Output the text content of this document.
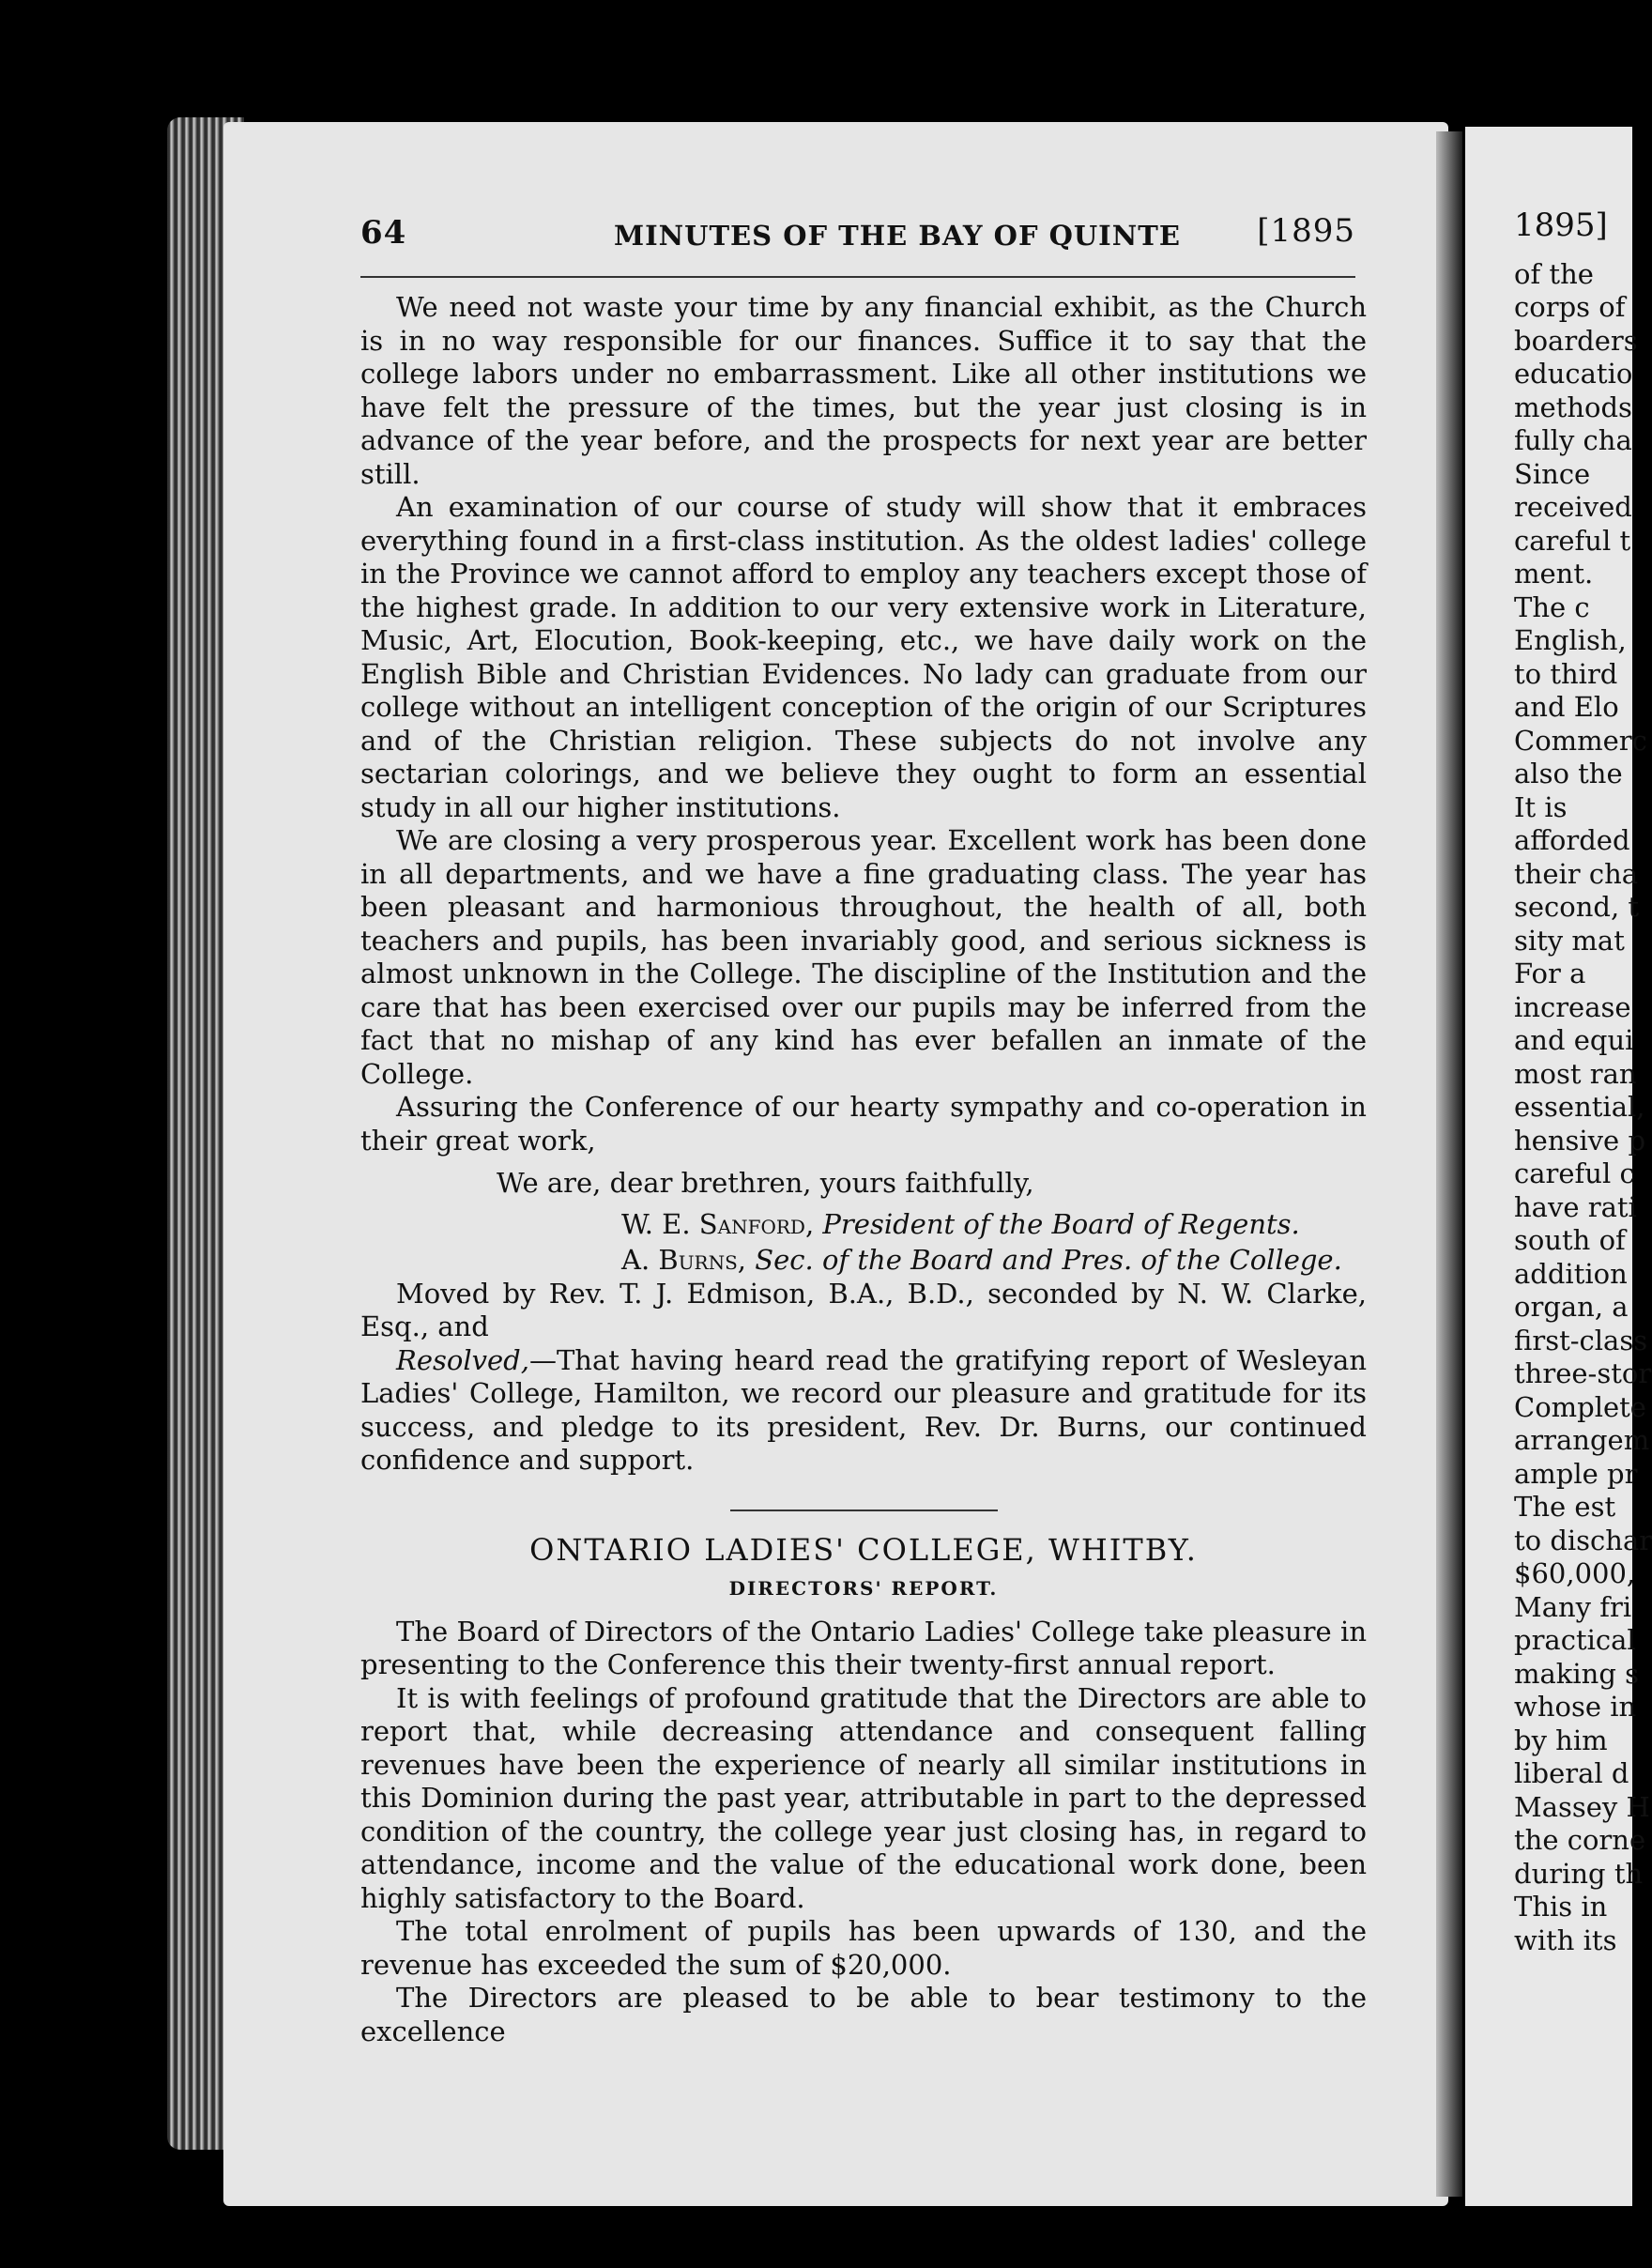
64	MINUTES OF THE BAY OF QUINTE [1895

We need not waste your time by any financial exhibit, as the Church is in no way responsible for our finances. Suffice it to say that the college labors under no embarrassment. Like all other institutions we have felt the pressure of the times, but the year just closing is in advance of the year before, and the prospects for next year are better still.

An examination of our course of study will show that it embraces everything found in a first-class institution. As the oldest ladies' college in the Province we cannot afford to employ any teachers except those of the highest grade. In addition to our very extensive work in Literature, Music, Art, Elocution, Book-keeping, etc., we have daily work on the English Bible and Christian Evidences. No lady can graduate from our college without an intelligent conception of the origin of our Scriptures and of the Christian religion. These subjects do not involve any sectarian colorings, and we believe they ought to form an essential study in all our higher institutions.

We are closing a very prosperous year. Excellent work has been done in all departments, and we have a fine graduating class. The year has been pleasant and harmonious throughout, the health of all, both teachers and pupils, has been invariably good, and serious sickness is almost unknown in the College. The discipline of the Institution and the care that has been exercised over our pupils may be inferred from the fact that no mishap of any kind has ever befallen an inmate of the College.

Assuring the Conference of our hearty sympathy and co-operation in their great work,

We are, dear brethren, yours faithfully,
W. E. Sanford, President of the Board of Regents.
A. Burns, Sec. of the Board and Pres. of the College.

Moved by Rev. T. J. Edmison, B.A., B.D., seconded by N. W. Clarke, Esq., and

Resolved,—That having heard read the gratifying report of Wesleyan Ladies' College, Hamilton, we record our pleasure and gratitude for its success, and pledge to its president, Rev. Dr. Burns, our continued confidence and support.

ONTARIO LADIES' COLLEGE, WHITBY.
DIRECTORS' REPORT.

The Board of Directors of the Ontario Ladies' College take pleasure in presenting to the Conference this their twenty-first annual report.

It is with feelings of profound gratitude that the Directors are able to report that, while decreasing attendance and consequent falling revenues have been the experience of nearly all similar institutions in this Dominion during the past year, attributable in part to the depressed condition of the country, the college year just closing has, in regard to attendance, income and the value of the educational work done, been highly satisfactory to the Board.

The total enrolment of pupils has been upwards of 130, and the revenue has exceeded the sum of $20,000.

The Directors are pleased to be able to bear testimony to the excellence

1895]
of the
corps of
boarders
educatio
methods
fully cha
Since
received
careful t
ment.
The c
English,
to third
and Elo
Commerc
also the
It is
afforded
their cha
second, t
sity mat
For a
increase
and equi
most ran
essential,
hensive p
careful c
have rati
south of
addition
organ, a
first-class
three-stor
Complete
arrangem
ample pr
The est
to dischar
$60,000,
Many fri
practical
making s
whose in
by him
liberal d
Massey H
the corne
during th
This in
with its
